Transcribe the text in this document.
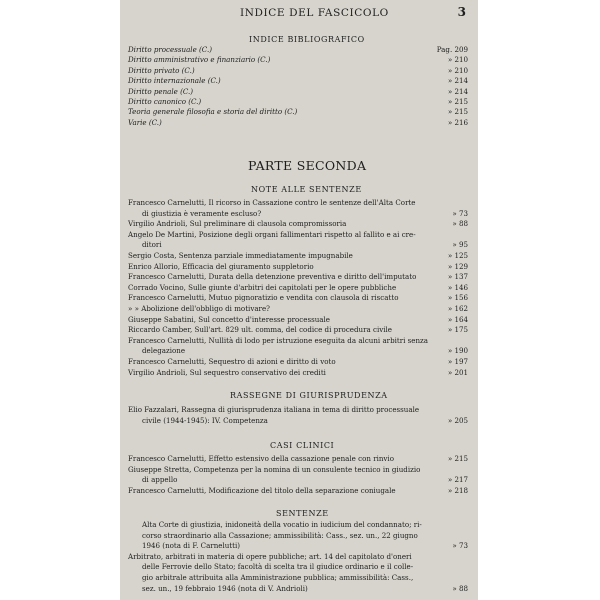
INDICE DEL FASCICOLO	3
INDICE BIBLIOGRAFICO
Diritto processuale (C.)	Pag. 209
Diritto amministrativo e finanziario (C.)	» 210
Diritto privato (C.)	» 210
Diritto internazionale (C.)	» 214
Diritto penale (C.)	» 214
Diritto canonico (C.)	» 215
Teoria generale filosofia e storia del diritto (C.)	» 215
Varie (C.)	» 216
PARTE SECONDA
NOTE ALLE SENTENZE
Francesco Carnelutti, Il ricorso in Cassazione contro le sentenze dell'Alta Corte
di giustizia è veramente escluso?	» 73
Virgilio Andrioli, Sul preliminare di clausola compromissoria	» 88
Angelo De Martini, Posizione degli organi fallimentari rispetto al fallito e ai cre-
ditori	» 95
Sergio Costa, Sentenza parziale immediatamente impugnabile	» 125
Enrico Allorio, Efficacia del giuramento suppletorio	» 129
Francesco Carnelutti, Durata della detenzione preventiva e diritto dell'imputato	» 137
Corrado Vocino, Sulle giunte d'arbitri dei capitolati per le opere pubbliche	» 146
Francesco Carnelutti, Mutuo pignoratizio e vendita con clausola di riscatto	» 156
» » Abolizione dell'obbligo di motivare?	» 162
Giuseppe Sabatini, Sul concetto d'interesse processuale	» 164
Riccardo Camber, Sull'art. 829 ult. comma, del codice di procedura civile	» 175
Francesco Carnelutti, Nullità di lodo per istruzione eseguita da alcuni arbitri senza
delegazione	» 190
Francesco Carnelutti, Sequestro di azioni e diritto di voto	» 197
Virgilio Andrioli, Sul sequestro conservativo dei crediti	» 201
RASSEGNE DI GIURISPRUDENZA
Elio Fazzalari, Rassegna di giurisprudenza italiana in tema di diritto processuale
civile (1944-1945): IV. Competenza	» 205
CASI CLINICI
Francesco Carnelutti, Effetto estensivo della cassazione penale con rinvio	» 215
Giuseppe Stretta, Competenza per la nomina di un consulente tecnico in giudizio
di appello	» 217
Francesco Carnelutti, Modificazione del titolo della separazione coniugale	» 218
SENTENZE
Alta Corte di giustizia, inidoneità della vocatio in iudicium del condannato; ri-
corso straordinario alla Cassazione; ammissibilità: Cass., sez. un., 22 giugno
1946 (nota di F. Carnelutti)	» 73
Arbitrato, arbitrati in materia di opere pubbliche; art. 14 del capitolato d'oneri
delle Ferrovie dello Stato; facoltà di scelta tra il giudice ordinario e il colle-
gio arbitrale attribuita alla Amministrazione pubblica; ammissibilità: Cass.,
sez. un., 19 febbraio 1946 (nota di V. Andrioli)	» 88
